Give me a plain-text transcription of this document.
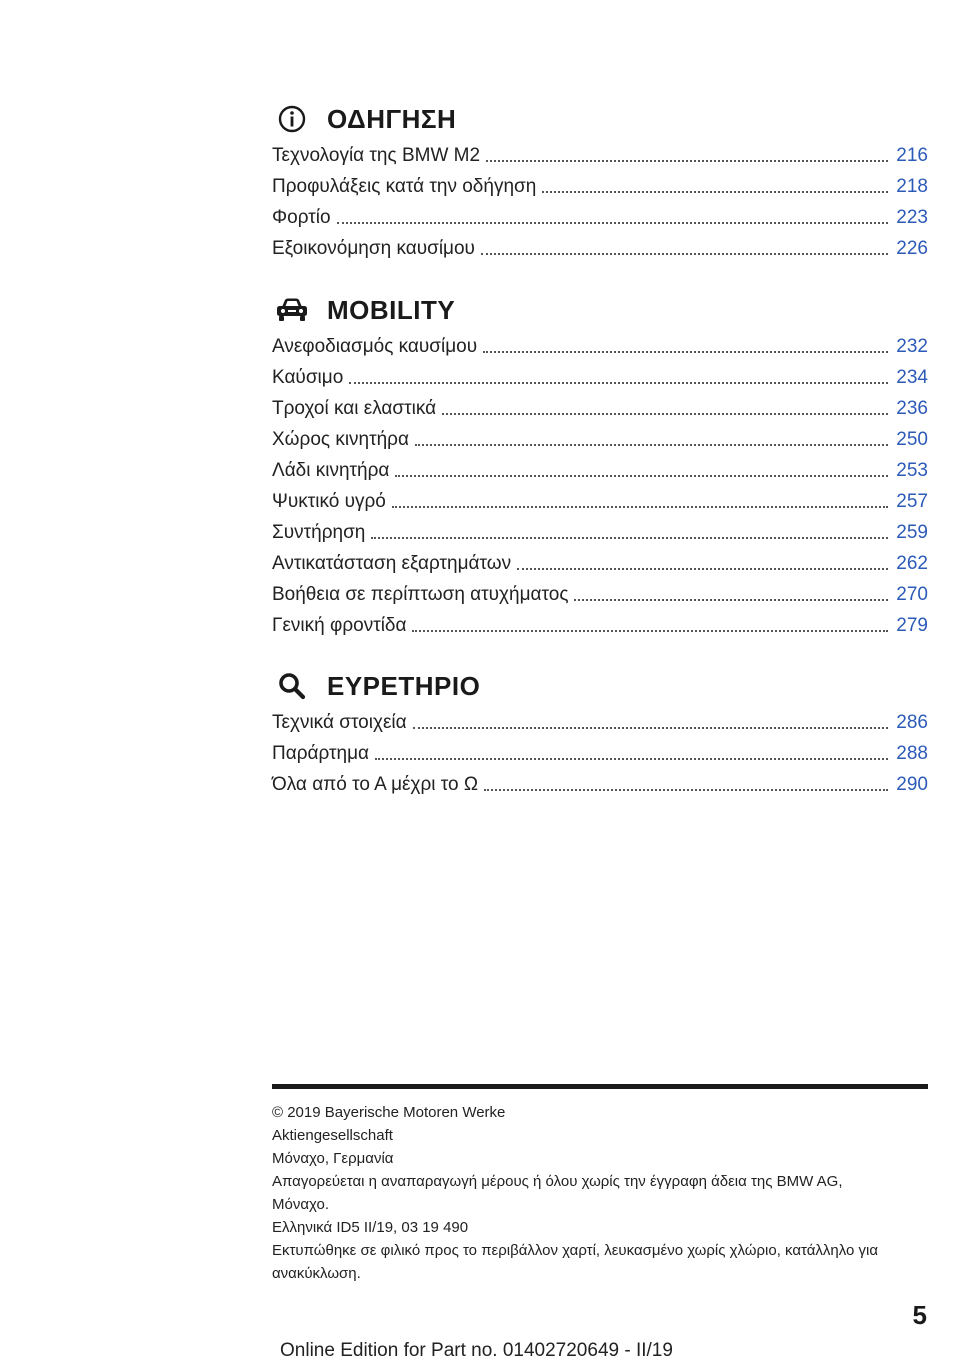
ΟΔΗΓΗΣΗ
Τεχνολογία της BMW M2	216
Προφυλάξεις κατά την οδήγηση	218
Φορτίο	223
Εξοικονόμηση καυσίμου	226
MOBILITY
Ανεφοδιασμός καυσίμου	232
Καύσιμο	234
Τροχοί και ελαστικά	236
Χώρος κινητήρα	250
Λάδι κινητήρα	253
Ψυκτικό υγρό	257
Συντήρηση	259
Αντικατάσταση εξαρτημάτων	262
Βοήθεια σε περίπτωση ατυχήματος	270
Γενική φροντίδα	279
ΕΥΡΕΤΗΡΙΟ
Τεχνικά στοιχεία	286
Παράρτημα	288
Όλα από το Α μέχρι το Ω	290
© 2019 Bayerische Motoren Werke
Aktiengesellschaft
Μόναχο, Γερμανία
Απαγορεύεται η αναπαραγωγή μέρους ή όλου χωρίς την έγγραφη άδεια της BMW AG,
Μόναχο.
Ελληνικά ID5 II/19, 03 19 490
Εκτυπώθηκε σε φιλικό προς το περιβάλλον χαρτί, λευκασμένο χωρίς χλώριο, κατάλληλο για
ανακύκλωση.
5
Online Edition for Part no. 01402720649 - II/19
